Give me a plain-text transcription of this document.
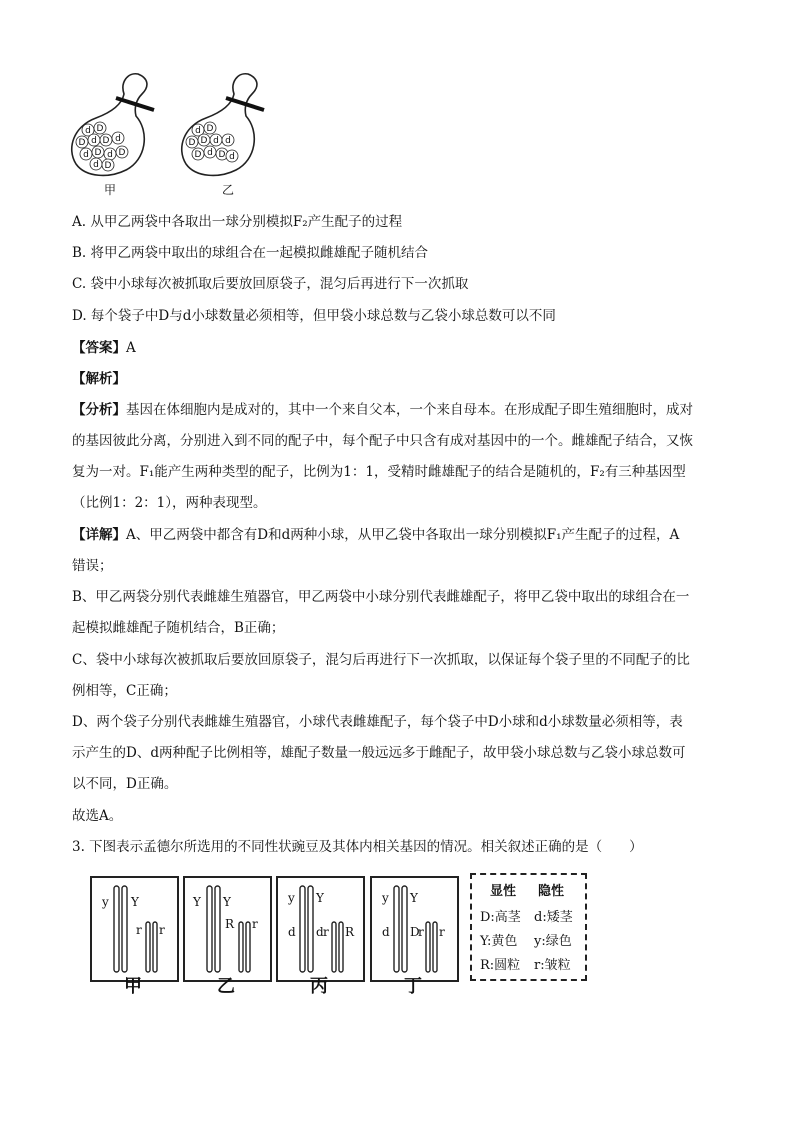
d D
D d D d
d D d D
d D
甲
d D
D D d d
D d D d
乙
A. 从甲乙两袋中各取出一球分别模拟F₂产生配子的过程
B. 将甲乙两袋中取出的球组合在一起模拟雌雄配子随机结合
C. 袋中小球每次被抓取后要放回原袋子，混匀后再进行下一次抓取
D. 每个袋子中D与d小球数量必须相等，但甲袋小球总数与乙袋小球总数可以不同
【答案】A
【解析】
【分析】基因在体细胞内是成对的，其中一个来自父本，一个来自母本。在形成配子即生殖细胞时，成对
的基因彼此分离，分别进入到不同的配子中，每个配子中只含有成对基因中的一个。雌雄配子结合，又恢
复为一对。F₁能产生两种类型的配子，比例为1：1，受精时雌雄配子的结合是随机的，F₂有三种基因型
（比例1：2：1），两种表现型。
【详解】A、甲乙两袋中都含有D和d两种小球，从甲乙袋中各取出一球分别模拟F₁产生配子的过程，A
错误；
B、甲乙两袋分别代表雌雄生殖器官，甲乙两袋中小球分别代表雌雄配子，将甲乙袋中取出的球组合在一
起模拟雌雄配子随机结合，B正确；
C、袋中小球每次被抓取后要放回原袋子，混匀后再进行下一次抓取，以保证每个袋子里的不同配子的比
例相等，C正确；
D、两个袋子分别代表雌雄生殖器官，小球代表雌雄配子，每个袋子中D小球和d小球数量必须相等，表
示产生的D、d两种配子比例相等，雄配子数量一般远远多于雌配子，故甲袋小球总数与乙袋小球总数可
以不同，D正确。
故选A。
3. 下图表示孟德尔所选用的不同性状豌豆及其体内相关基因的情况。相关叙述正确的是（　　）
y Y
r r
Y Y
R r
y Y
d d r R
y Y
d D
r r
甲	乙	丙	丁
显性 隐性
D:高茎 d:矮茎
Y:黄色 y:绿色
R:圆粒 r:皱粒
